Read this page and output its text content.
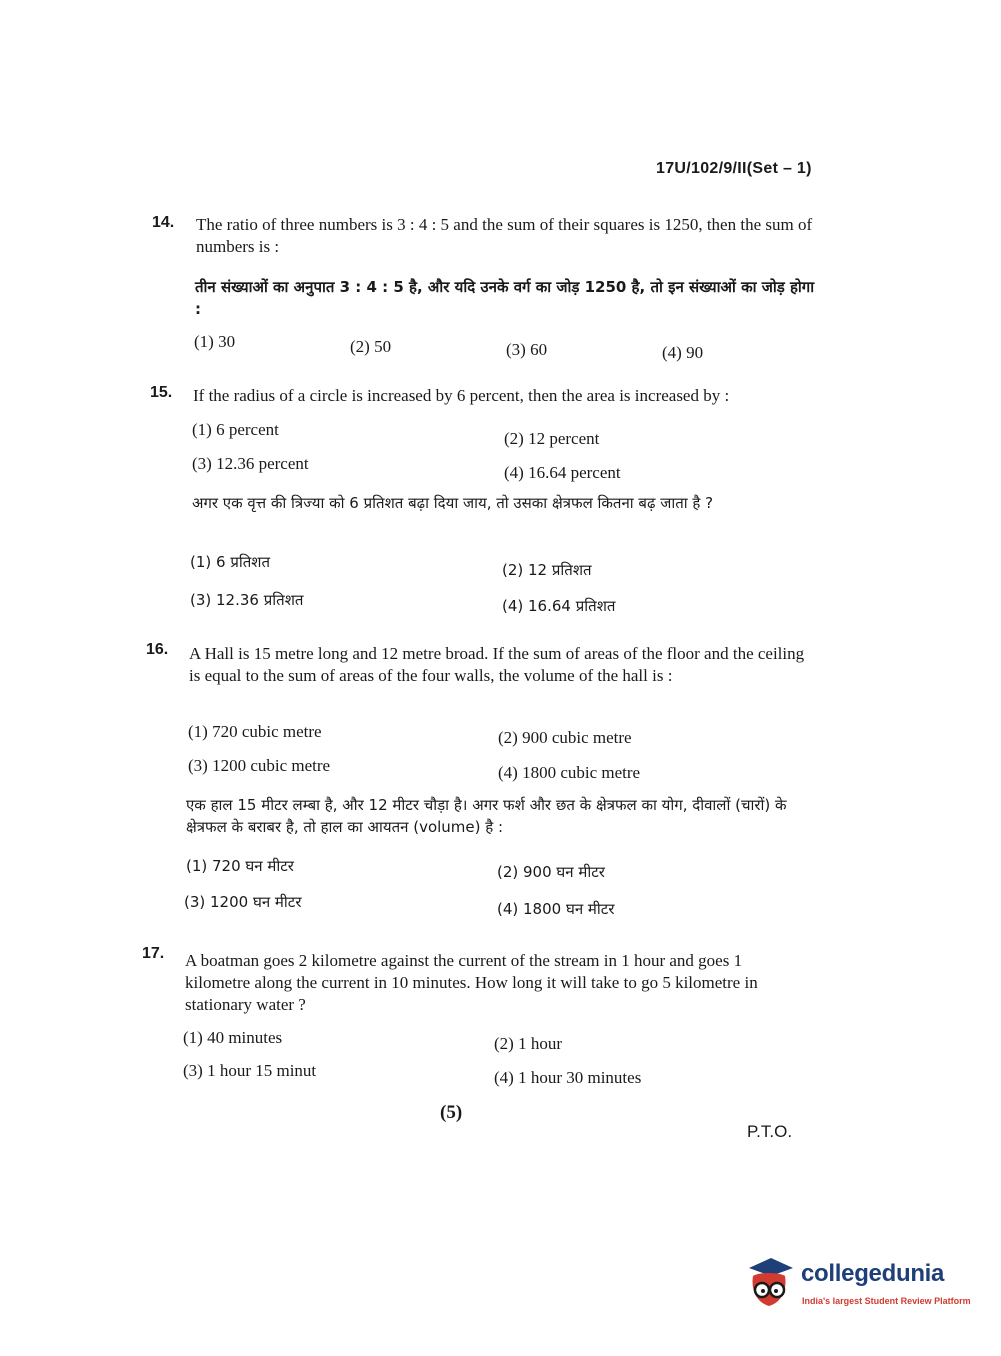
17U/102/9/II(Set – 1)
14. The ratio of three numbers is 3 : 4 : 5 and the sum of their squares is 1250, then the sum of numbers is :
तीन संख्याओं का अनुपात 3 : 4 : 5 है, और यदि उनके वर्ग का जोड़ 1250 है, तो इन संख्याओं का जोड़ होगा :
(1) 30	(2) 50	(3) 60	(4) 90
15. If the radius of a circle is increased by 6 percent, then the area is increased by :
(1) 6 percent	(2) 12 percent
(3) 12.36 percent	(4) 16.64 percent
अगर एक वृत्त की त्रिज्या को 6 प्रतिशत बढ़ा दिया जाय, तो उसका क्षेत्रफल कितना बढ़ जाता है ?
(1) 6 प्रतिशत	(2) 12 प्रतिशत
(3) 12.36 प्रतिशत	(4) 16.64 प्रतिशत
16. A Hall is 15 metre long and 12 metre broad. If the sum of areas of the floor and the ceiling is equal to the sum of areas of the four walls, the volume of the hall is :
(1) 720 cubic metre	(2) 900 cubic metre
(3) 1200 cubic metre	(4) 1800 cubic metre
एक हाल 15 मीटर लम्बा है, और 12 मीटर चौड़ा है। अगर फर्श और छत के क्षेत्रफल का योग, दीवालों (चारों) के क्षेत्रफल के बराबर है, तो हाल का आयतन (volume) है :
(1) 720 घन मीटर	(2) 900 घन मीटर
(3) 1200 घन मीटर	(4) 1800 घन मीटर
17. A boatman goes 2 kilometre against the current of the stream in 1 hour and goes 1 kilometre along the current in 10 minutes. How long it will take to go 5 kilometre in stationary water ?
(1) 40 minutes	(2) 1 hour
(3) 1 hour 15 minut	(4) 1 hour 30 minutes
(5)
P.T.O.
collegedunia
India's largest Student Review Platform
